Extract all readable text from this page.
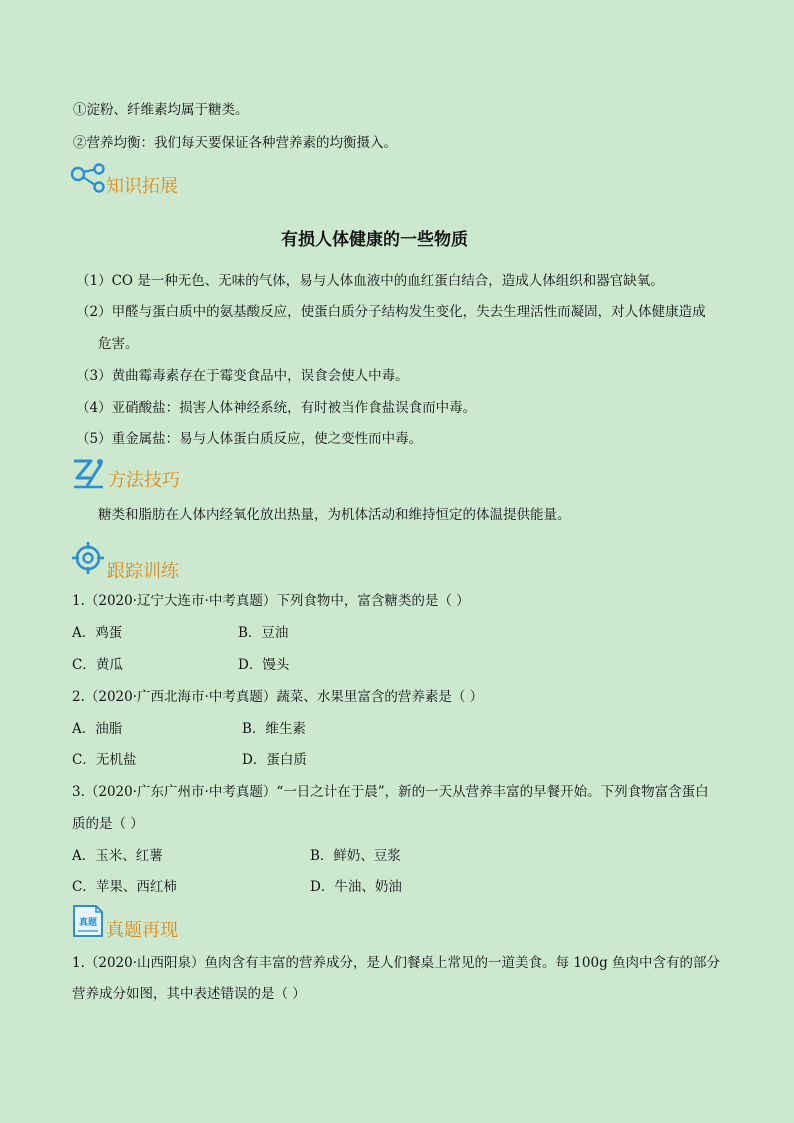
①淀粉、纤维素均属于糖类。
②营养均衡：我们每天要保证各种营养素的均衡摄入。
知识拓展
有损人体健康的一些物质
（1）CO 是一种无色、无味的气体，易与人体血液中的血红蛋白结合，造成人体组织和器官缺氧。
（2）甲醛与蛋白质中的氨基酸反应，使蛋白质分子结构发生变化，失去生理活性而凝固，对人体健康造成
危害。
（3）黄曲霉毒素存在于霉变食品中，误食会使人中毒。
（4）亚硝酸盐：损害人体神经系统，有时被当作食盐误食而中毒。
（5）重金属盐：易与人体蛋白质反应，使之变性而中毒。
方法技巧
糖类和脂肪在人体内经氧化放出热量，为机体活动和维持恒定的体温提供能量。
跟踪训练
1.（2020·辽宁大连市·中考真题）下列食物中，富含糖类的是（ ）
A．鸡蛋	B．豆油
C．黄瓜	D．馒头
2.（2020·广西北海市·中考真题）蔬菜、水果里富含的营养素是（ ）
A．油脂	B．维生素
C．无机盐	D．蛋白质
3.（2020·广东广州市·中考真题）“一日之计在于晨”，新的一天从营养丰富的早餐开始。下列食物富含蛋白
质的是（ ）
A．玉米、红薯	B．鲜奶、豆浆
C．苹果、西红柿	D．牛油、奶油
真题 真题再现
1.（2020·山西阳泉）鱼肉含有丰富的营养成分，是人们餐桌上常见的一道美食。每 100g 鱼肉中含有的部分
营养成分如图，其中表述错误的是（ ）
